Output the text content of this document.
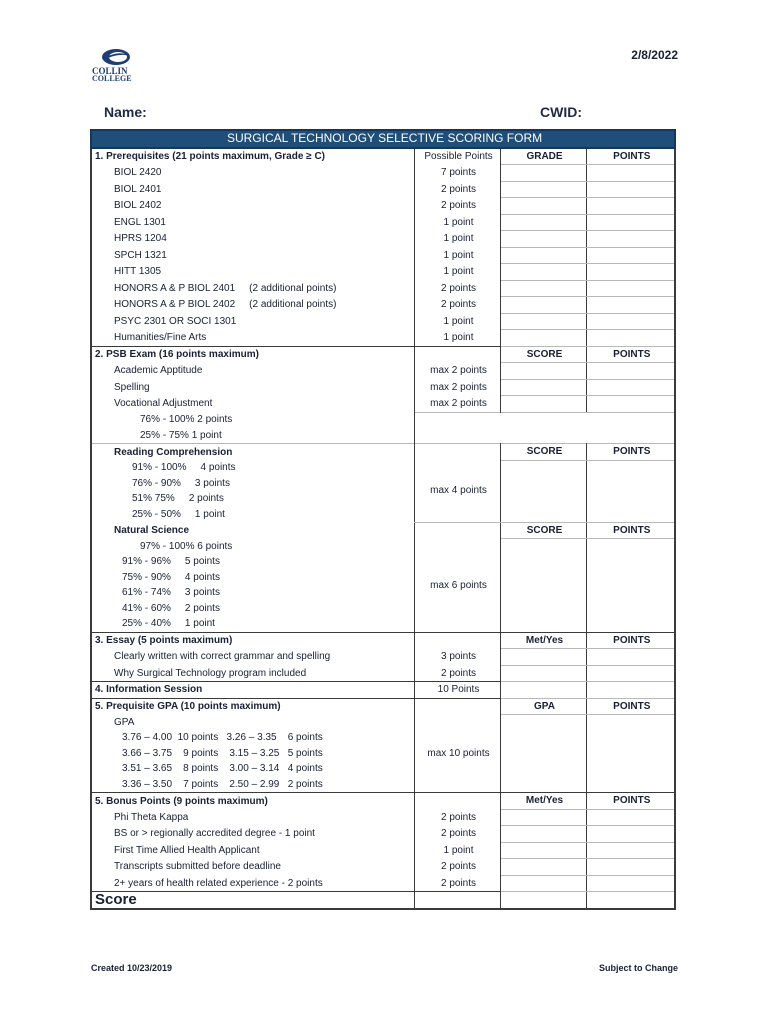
COLLIN
COLLEGE
2/8/2022
Name:	CWID:
SURGICAL TECHNOLOGY SELECTIVE SCORING FORM			
1. Prerequisites (21 points maximum, Grade ≥ C)	Possible Points	GRADE	POINTS
BIOL 2420	7 points		
BIOL 2401	2 points		
BIOL 2402	2 points		
ENGL 1301	1 point		
HPRS 1204	1 point		
SPCH 1321	1 point		
HITT 1305	1 point		
HONORS A & P BIOL 2401 (2 additional points)	2 points		
HONORS A & P BIOL 2402 (2 additional points)	2 points		
PSYC 2301 OR SOCI 1301	1 point		
Humanities/Fine Arts	1 point		
2. PSB Exam (16 points maximum)		SCORE	POINTS
Academic Apptitude	max 2 points		
Spelling	max 2 points		
Vocational Adjustment	max 2 points		
76% - 100% 2 points			
25% - 75% 1 point			
Reading Comprehension		SCORE	POINTS
91% - 100% 4 points	max 4 points		
76% - 90% 3 points			
51% 75% 2 points			
25% - 50% 1 point			
Natural Science		SCORE	POINTS
97% - 100% 6 points	max 6 points		
91% - 96% 5 points			
75% - 90% 4 points			
61% - 74% 3 points			
41% - 60% 2 points			
25% - 40% 1 point			
3. Essay (5 points maximum)		Met/Yes	POINTS
Clearly written with correct grammar and spelling	3 points		
Why Surgical Technology program included	2 points		
4. Information Session	10 Points		
5. Prequisite GPA (10 points maximum)		GPA	POINTS
GPA	max 10 points		
3.76 – 4.00 10 points 3.26 – 3.35 6 points			
3.66 – 3.75 9 points 3.15 – 3.25 5 points			
3.51 – 3.65 8 points 3.00 – 3.14 4 points			
3.36 – 3.50 7 points 2.50 – 2.99 2 points			
5. Bonus Points (9 points maximum)		Met/Yes	POINTS
Phi Theta Kappa	2 points		
BS or > regionally accredited degree - 1 point	2 points		
First Time Allied Health Applicant	1 point		
Transcripts submitted before deadline	2 points		
2+ years of health related experience - 2 points	2 points		
Score			
Created 10/23/2019	Subject to Change
